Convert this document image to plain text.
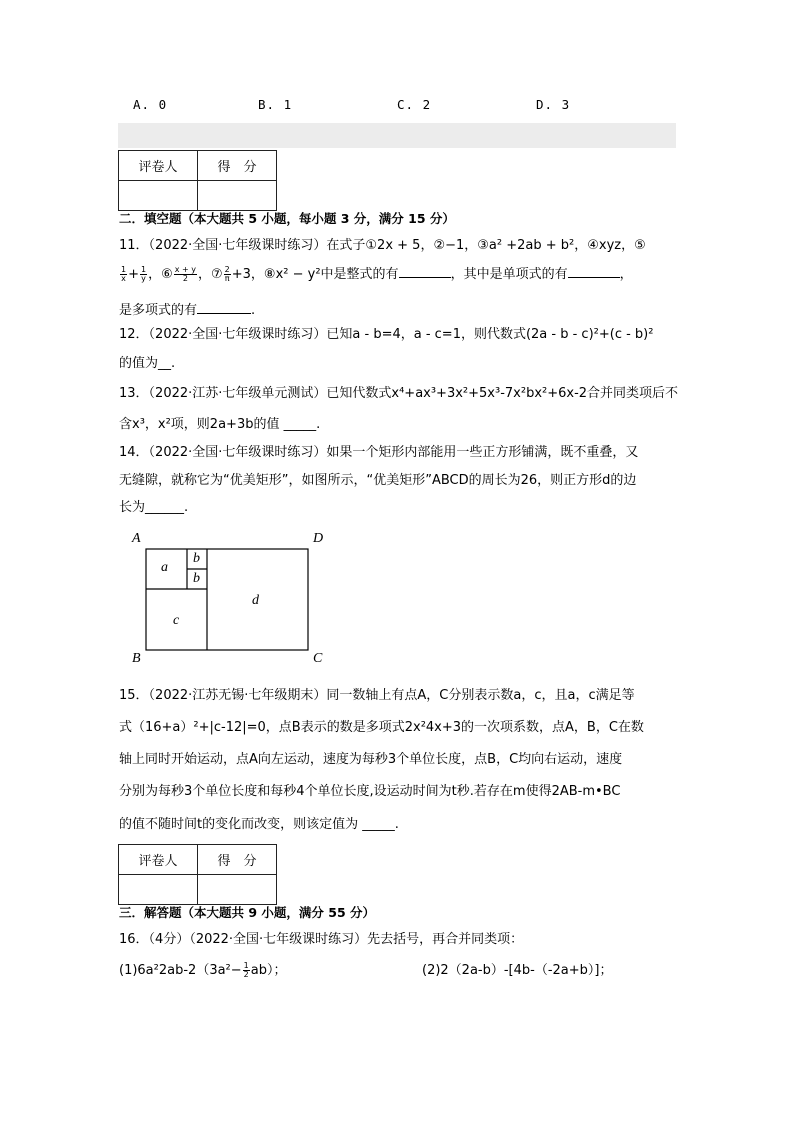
A. 0	B. 1	C. 2	D. 3
评卷人	得　分

二．填空题（本大题共 5 小题，每小题 3 分，满分 15 分）
11．（2022·全国·七年级课时练习）在式子①2x + 5，②−1，③a² +2ab + b²，④xyz，⑤
$\frac{1}{x} + \frac{1}{y}$ ，⑥ $\frac{x + y}{2}$ ，⑦ $\frac{2}{\pi} +3$，⑧x² − y²中是整式的有	，其中是单项式的有	，
是多项式的有	.
12．（2022·全国·七年级课时练习）已知a - b=4，a - c=1，则代数式(2a - b - c)²+(c - b)²
的值为__.
13．（2022·江苏·七年级单元测试）已知代数式x⁴+ax³+3x²+5x³-7x²bx²+6x-2合并同类项后不
含x³，x²项，则2a+3b的值 _____.
14．（2022·全国·七年级课时练习）如果一个矩形内部能用一些正方形铺满，既不重叠，又
无缝隙，就称它为“优美矩形”，如图所示，“优美矩形”ABCD的周长为26，则正方形d的边
长为______.
A	D
B	C
a
b
b
c
d
15．（2022·江苏无锡·七年级期末）同一数轴上有点A，C分别表示数a，c，且a，c满足等
式（16+a）²+|c-12|=0，点B表示的数是多项式2x²4x+3的一次项系数，点A，B，C在数
轴上同时开始运动，点A向左运动，速度为每秒3个单位长度，点B，C均向右运动，速度
分别为每秒3个单位长度和每秒4个单位长度,设运动时间为t秒.若存在m使得2AB-m•BC
的值不随时间t的变化而改变，则该定值为 _____.
评卷人	得　分

三．解答题（本大题共 9 小题，满分 55 分）
16．（4分）（2022·全国·七年级课时练习）先去括号，再合并同类项：
$(1)6a^22ab-2(3a^2- \frac{1}{2} ab)$；	(2)2（2a-b）-[4b-（-2a+b）]；
